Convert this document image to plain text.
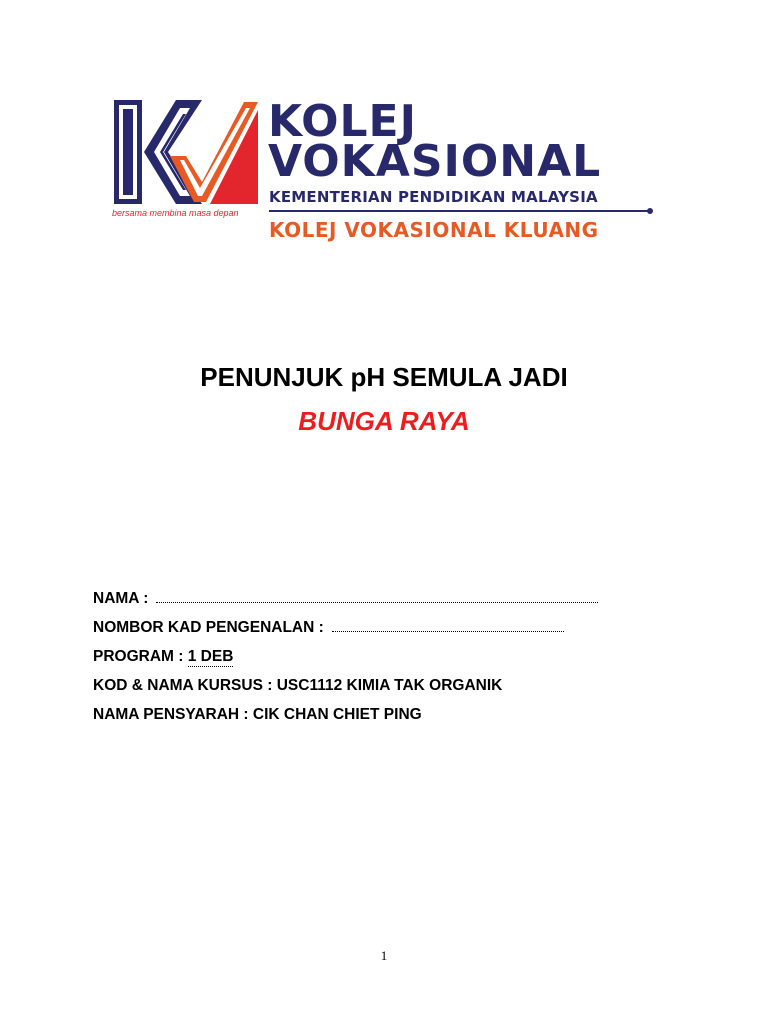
bersama membina masa depan
KOLEJ
VOKASIONAL
KEMENTERIAN PENDIDIKAN MALAYSIA
KOLEJ VOKASIONAL KLUANG
PENUNJUK pH SEMULA JADI
BUNGA RAYA
NAMA :
NOMBOR KAD PENGENALAN :
PROGRAM :
1 DEB
KOD & NAMA KURSUS :
USC1112 KIMIA TAK ORGANIK
NAMA PENSYARAH :
CIK CHAN CHIET PING
1
